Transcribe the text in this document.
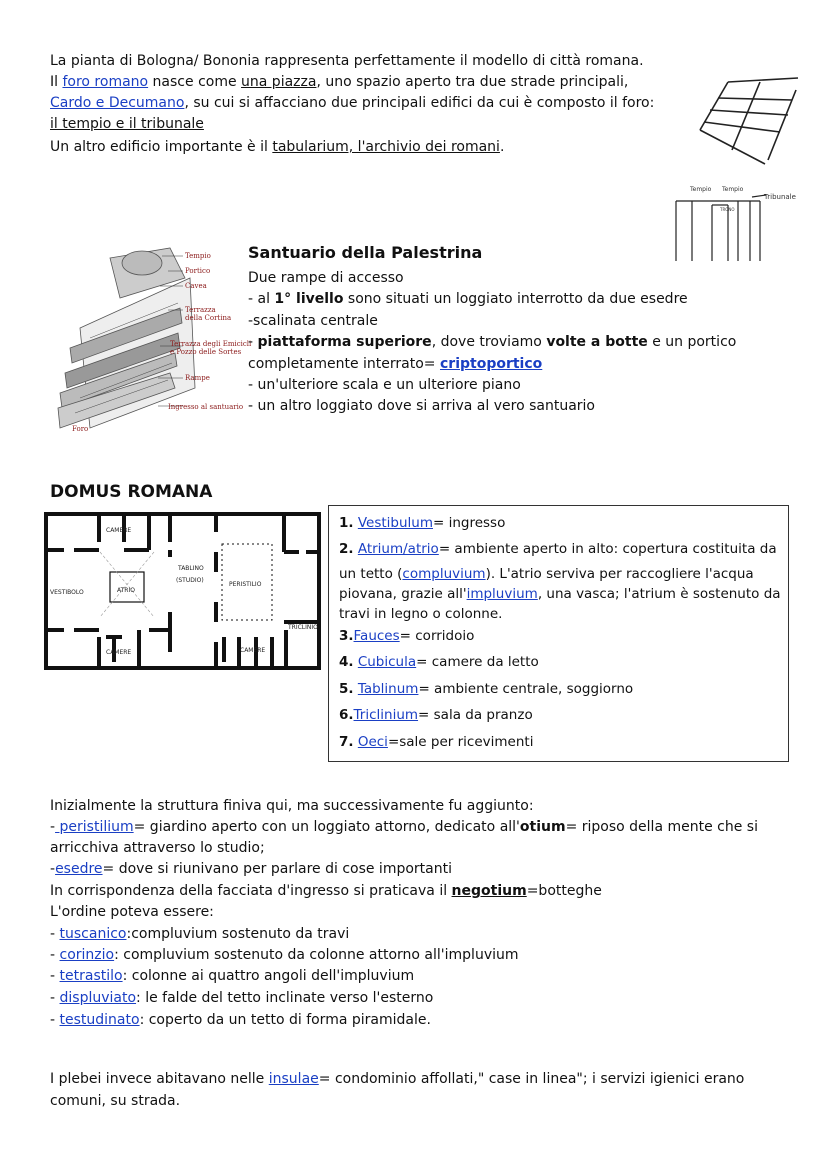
La pianta di Bologna/ Bononia rappresenta perfettamente il modello di città romana.
Il foro romano nasce come una piazza, uno spazio aperto tra due strade principali,
Cardo e Decumano, su cui si affacciano due principali edifici da cui è composto il foro:
il tempio e il tribunale
Un altro edificio importante è il tabularium, l'archivio dei romani.
Tempio Tempio
Tribunale
TRONO
Tempio
Portico
Cavea
Terrazza
della Cortina
Terrazza degli Emicicli
e Pozzo delle Sortes
Rampe
Ingresso al santuario
Foro
Santuario della Palestrina
Due rampe di accesso
- al 1° livello sono situati un loggiato interrotto da due esedre
-scalinata centrale
- piattaforma superiore, dove troviamo volte a botte e un portico
completamente interrato= criptoportico
- un'ulteriore scala e un ulteriore piano
- un altro loggiato dove si arriva al vero santuario
DOMUS ROMANA
CAMERE
TABLINO
(STUDIO)
ATRIO
VESTIBOLO
PERISTILIO
TRICLINIO
CAMERE	CAMERE
1. Vestibulum= ingresso
2. Atrium/atrio= ambiente aperto in alto: copertura costituita da
un tetto (compluvium). L'atrio serviva per raccogliere l'acqua
piovana, grazie all'impluvium, una vasca; l'atrium è sostenuto da
travi in legno o colonne.
3.Fauces= corridoio
4. Cubicula= camere da letto
5. Tablinum= ambiente centrale, soggiorno
6.Triclinium= sala da pranzo
7. Oeci=sale per ricevimenti
Inizialmente la struttura finiva qui, ma successivamente fu aggiunto:
- peristilium= giardino aperto con un loggiato attorno, dedicato all'otium= riposo della mente che si
arricchiva attraverso lo studio;
-esedre= dove si riunivano per parlare di cose importanti
In corrispondenza della facciata d'ingresso si praticava il negotium=botteghe
L'ordine poteva essere:
- tuscanico:compluvium sostenuto da travi
- corinzio: compluvium sostenuto da colonne attorno all'impluvium
- tetrastilo: colonne ai quattro angoli dell'impluvium
- displuviato: le falde del tetto inclinate verso l'esterno
- testudinato: coperto da un tetto di forma piramidale.
I plebei invece abitavano nelle insulae= condominio affollati," case in linea"; i servizi igienici erano
comuni, su strada.
